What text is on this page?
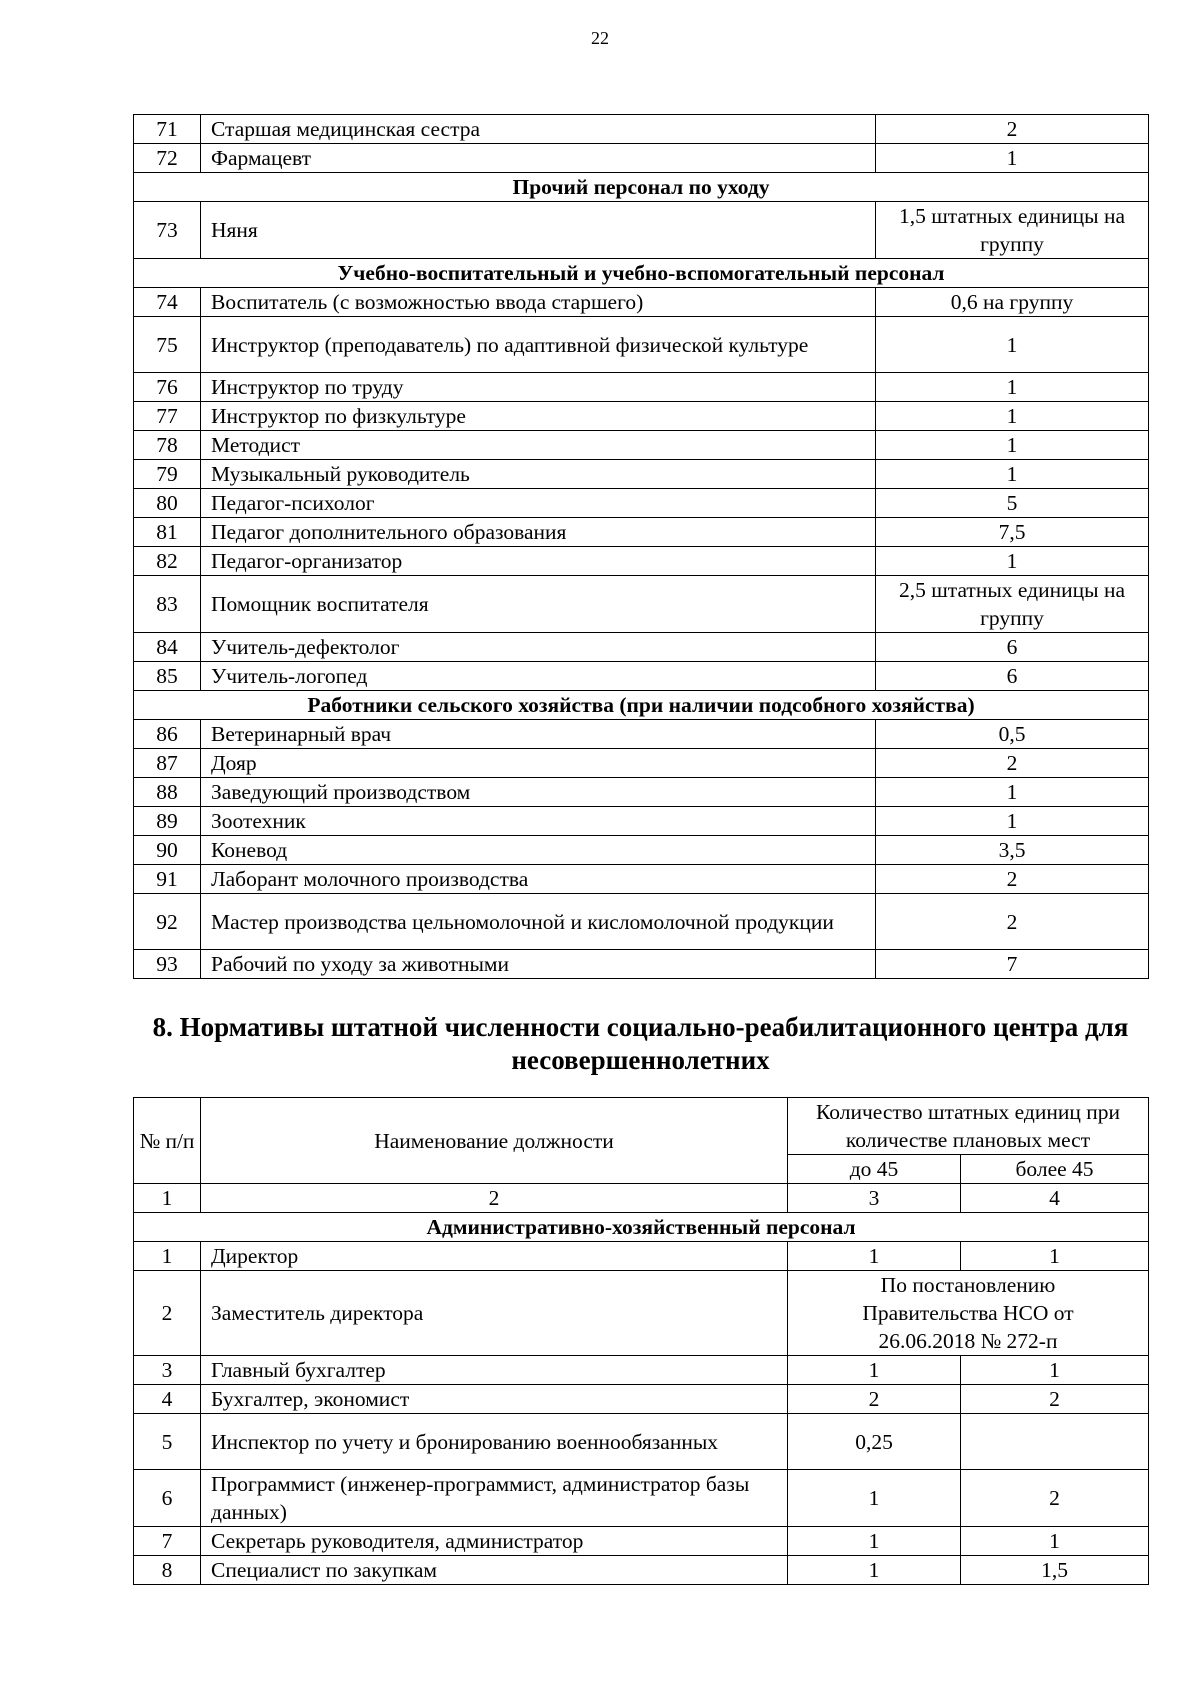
22
71	Старшая медицинская сестра	2
72	Фармацевт	1
Прочий персонал по уходу		
73	Няня	1,5 штатных единицы на группу
Учебно-воспитательный и учебно-вспомогательный персонал		
74	Воспитатель (с возможностью ввода старшего)	0,6 на группу
75	Инструктор (преподаватель) по адаптивной физической культуре	1
76	Инструктор по труду	1
77	Инструктор по физкультуре	1
78	Методист	1
79	Музыкальный руководитель	1
80	Педагог-психолог	5
81	Педагог дополнительного образования	7,5
82	Педагог-организатор	1
83	Помощник воспитателя	2,5 штатных единицы на группу
84	Учитель-дефектолог	6
85	Учитель-логопед	6
Работники сельского хозяйства (при наличии подсобного хозяйства)		
86	Ветеринарный врач	0,5
87	Дояр	2
88	Заведующий производством	1
89	Зоотехник	1
90	Коневод	3,5
91	Лаборант молочного производства	2
92	Мастер производства цельномолочной и кисломолочной продукции	2
93	Рабочий по уходу за животными	7
8. Нормативы штатной численности социально-реабилитационного центра для несовершеннолетних
№ п/п	Наименование должности	Количество штатных единиц при количестве плановых мест	
		до 45	более 45
1	2	3	4
Административно-хозяйственный персонал			
1	Директор	1	1
2	Заместитель директора	По постановлению Правительства НСО от 26.06.2018 № 272-п	
3	Главный бухгалтер	1	1
4	Бухгалтер, экономист	2	2
5	Инспектор по учету и бронированию военнообязанных	0,25	
6	Программист (инженер-программист, администратор базы данных)	1	2
7	Секретарь руководителя, администратор	1	1
8	Специалист по закупкам	1	1,5
